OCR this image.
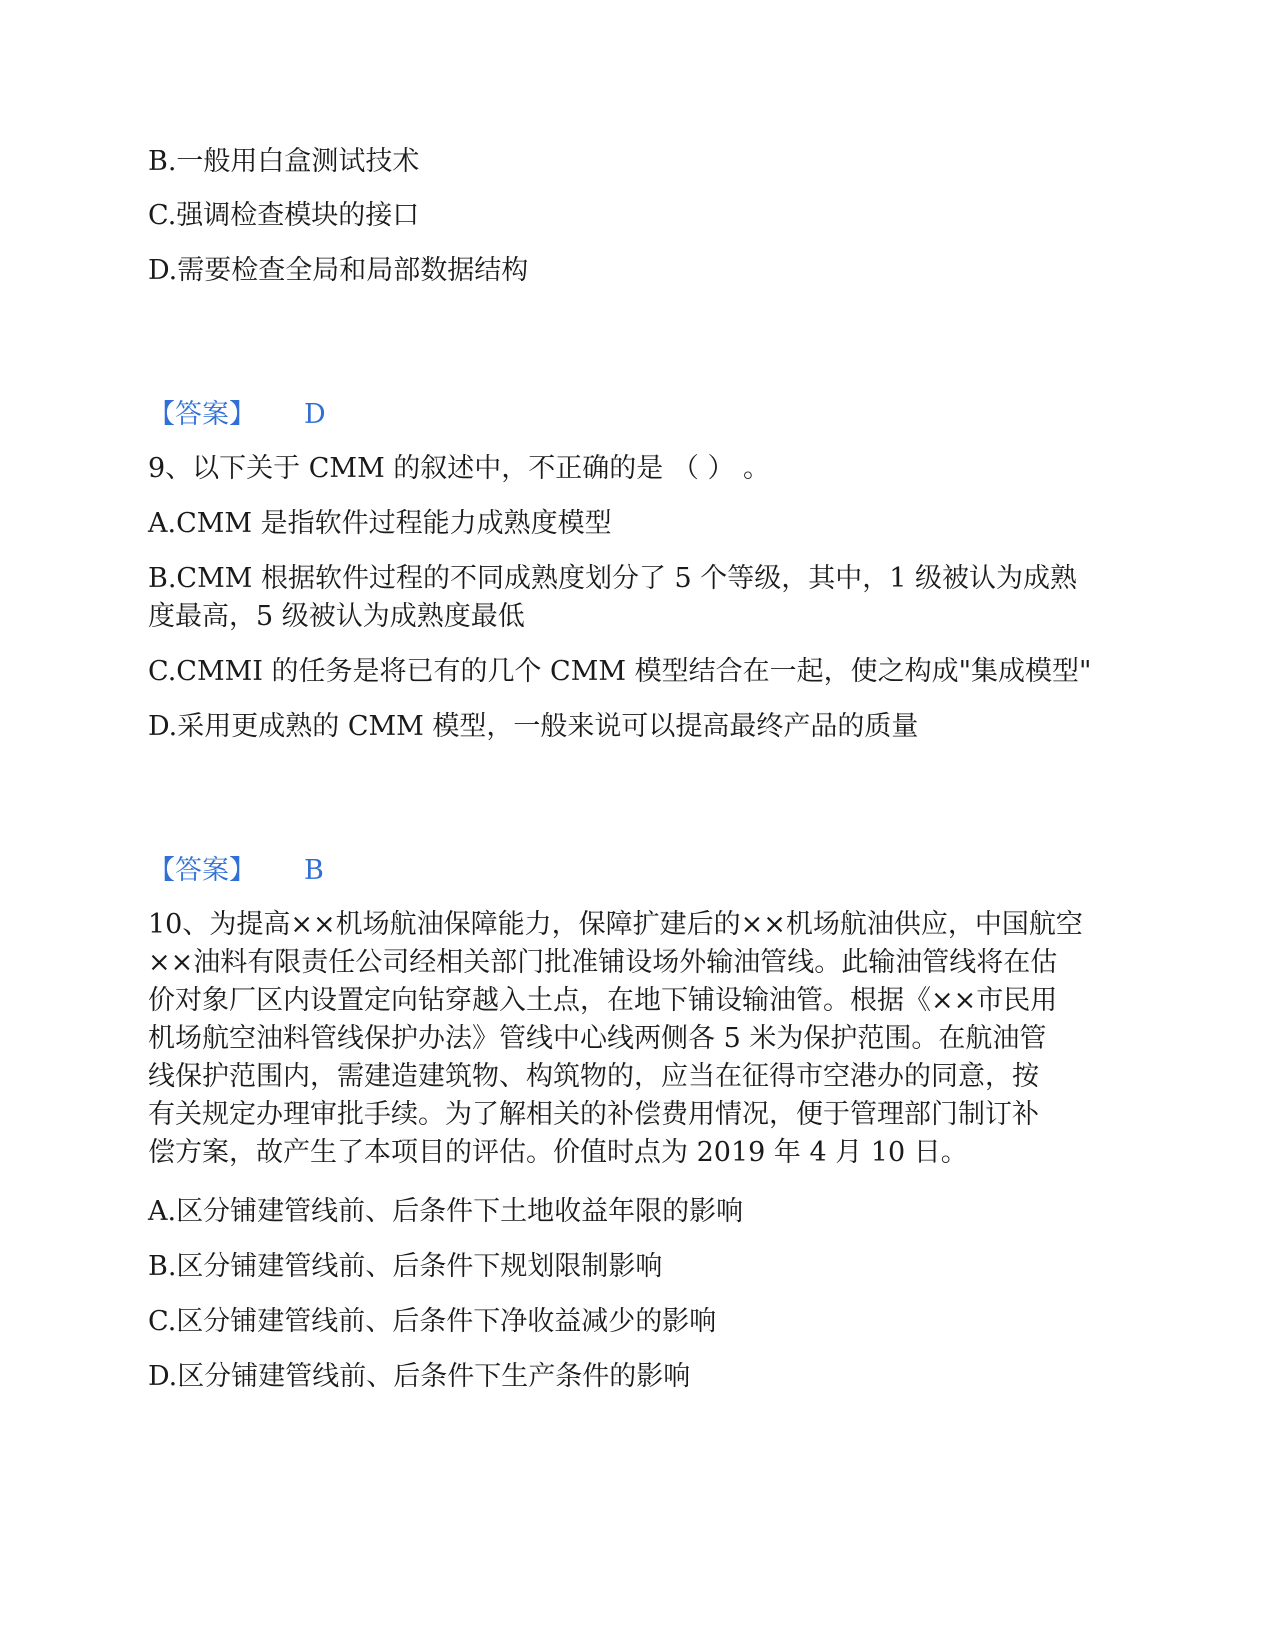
B.一般用白盒测试技术
C.强调检查模块的接口
D.需要检查全局和局部数据结构
【答案】 D
9、以下关于 CMM 的叙述中，不正确的是 （ ） 。
A.CMM 是指软件过程能力成熟度模型
B.CMM 根据软件过程的不同成熟度划分了 5 个等级，其中，1 级被认为成熟
度最高，5 级被认为成熟度最低
C.CMMI 的任务是将已有的几个 CMM 模型结合在一起，使之构成"集成模型"
D.采用更成熟的 CMM 模型，一般来说可以提高最终产品的质量
【答案】 B
10、为提高××机场航油保障能力，保障扩建后的××机场航油供应，中国航空
××油料有限责任公司经相关部门批准铺设场外输油管线。此输油管线将在估
价对象厂区内设置定向钻穿越入土点，在地下铺设输油管。根据《××市民用
机场航空油料管线保护办法》管线中心线两侧各 5 米为保护范围。在航油管
线保护范围内，需建造建筑物、构筑物的，应当在征得市空港办的同意，按
有关规定办理审批手续。为了解相关的补偿费用情况，便于管理部门制订补
偿方案，故产生了本项目的评估。价值时点为 2019 年 4 月 10 日。
A.区分铺建管线前、后条件下土地收益年限的影响
B.区分铺建管线前、后条件下规划限制影响
C.区分铺建管线前、后条件下净收益减少的影响
D.区分铺建管线前、后条件下生产条件的影响
